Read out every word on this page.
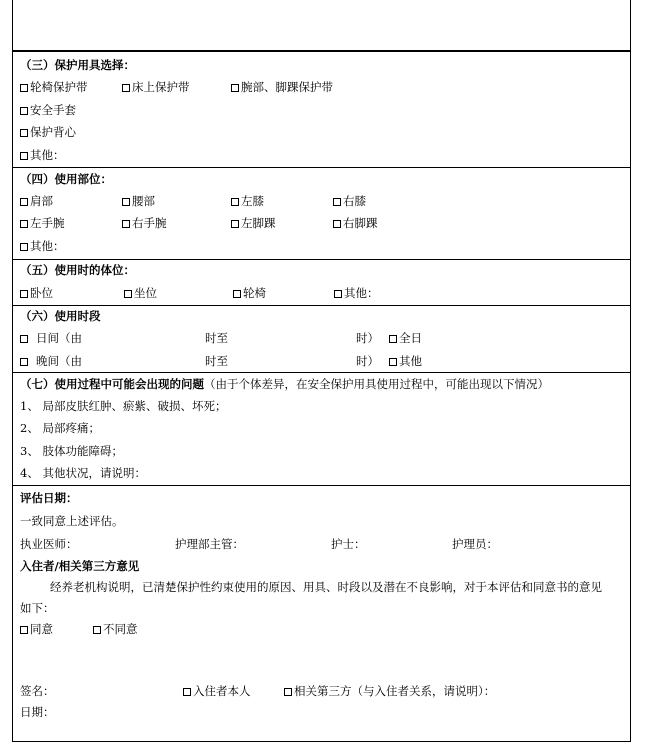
（三）保护用具选择：
轮椅保护带	床上保护带	腕部、脚踝保护带
安全手套
保护背心
其他：
（四）使用部位：
肩部	腰部	左膝	右膝
左手腕	右手腕	左脚踝	右脚踝
其他：
（五）使用时的体位：
卧位	坐位	轮椅	其他：
（六）使用时段
日间（由	时至	时）	全日
晚间（由	时至	时）	其他
（七）使用过程中可能会出现的问题（由于个体差异，在安全保护用具使用过程中，可能出现以下情况）
1、 局部皮肤红肿、瘀紫、破损、坏死；
2、 局部疼痛；
3、 肢体功能障碍；
4、 其他状况，请说明：
评估日期：
一致同意上述评估。
执业医师：	护理部主管：	护士：	护理员：
入住者/相关第三方意见
经养老机构说明，已清楚保护性约束使用的原因、用具、时段以及潜在不良影响，对于本评估和同意书的意见
如下：
同意	不同意
签名：	入住者本人	相关第三方（与入住者关系，请说明）：
日期：
